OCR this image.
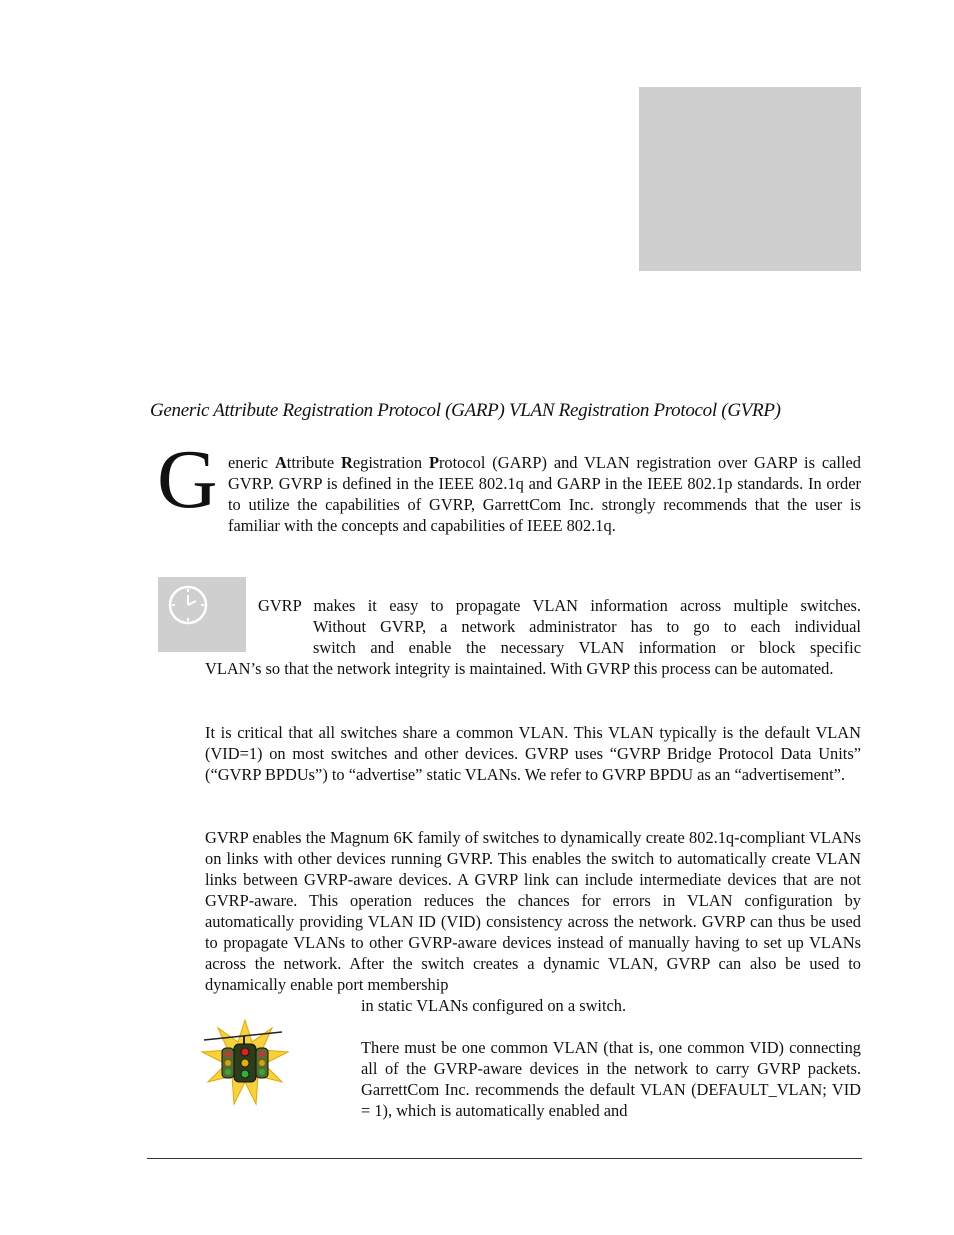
Generic Attribute Registration Protocol (GARP) VLAN Registration Protocol (GVRP)
G eneric Attribute Registration Protocol (GARP) and VLAN registration over GARP is called GVRP. GVRP is defined in the IEEE 802.1q and GARP in the IEEE 802.1p standards. In order to utilize the capabilities of GVRP, GarrettCom Inc. strongly recommends that the user is familiar with the concepts and capabilities of IEEE 802.1q.

GVRP makes it easy to propagate VLAN information across multiple switches.
Without GVRP, a network administrator has to go to each individual
switch and enable the necessary VLAN information or block specific
VLAN’s so that the network integrity is maintained. With GVRP this process can be automated.

It is critical that all switches share a common VLAN. This VLAN typically is the default VLAN (VID=1) on most switches and other devices. GVRP uses “GVRP Bridge Protocol Data Units” (“GVRP BPDUs”) to “advertise” static VLANs. We refer to GVRP BPDU as an “advertisement”.

GVRP enables the Magnum 6K family of switches to dynamically create 802.1q-compliant VLANs on links with other devices running GVRP. This enables the switch to automatically create VLAN links between GVRP-aware devices. A GVRP link can include intermediate devices that are not GVRP-aware. This operation reduces the chances for errors in VLAN configuration by automatically providing VLAN ID (VID) consistency across the network. GVRP can thus be used to propagate VLANs to other GVRP-aware devices instead of manually having to set up VLANs across the network. After the switch creates a dynamic VLAN, GVRP can also be used to dynamically enable port membership
in static VLANs configured on a switch.

There must be one common VLAN (that is, one common VID) connecting all of the GVRP-aware devices in the network to carry GVRP packets. GarrettCom Inc. recommends the default VLAN (DEFAULT_VLAN; VID = 1), which is automatically enabled and
